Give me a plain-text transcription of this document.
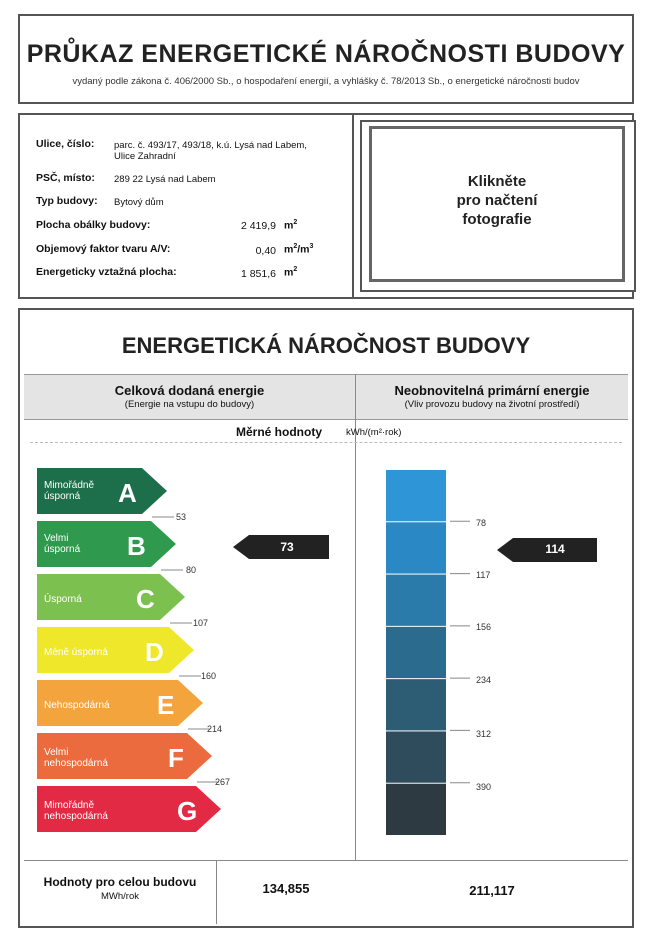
PRŮKAZ ENERGETICKÉ NÁROČNOSTI BUDOVY
vydaný podle zákona č. 406/2000 Sb., o hospodaření energií, a vyhlášky č. 78/2013 Sb., o energetické náročnosti budov
Ulice, číslo: parc. č. 493/17, 493/18, k.ú. Lysá nad Labem,
Ulice Zahradní
PSČ, místo: 289 22 Lysá nad Labem
Typ budovy: Bytový dům
Plocha obálky budovy:	2 419,9 $m^2$
Objemový faktor tvaru A/V:	0,40 $m^2/m^3$
Energeticky vztažná plocha:	1 851,6 $m^2$
Klikněte
pro načtení
fotografie
ENERGETICKÁ NÁROČNOST BUDOVY
Celková dodaná energie
(Energie na vstupu do budovy)
Neobnovitelná primární energie
(Vliv provozu budovy na životní prostředí)
Měrné hodnoty	kWh/(m²·rok)
Mimořádně
úsporná	A
Velmi
úsporná	B
Úsporná	C
Méně úsporná	D
Nehospodárná	E
Velmi
nehospodárná	F
Mimořádně
nehospodárná	G
53
80
107
160
214
267
78
117
156
234
312
390
73	114
Hodnoty pro celou budovu
MWh/rok
134,855	211,117
